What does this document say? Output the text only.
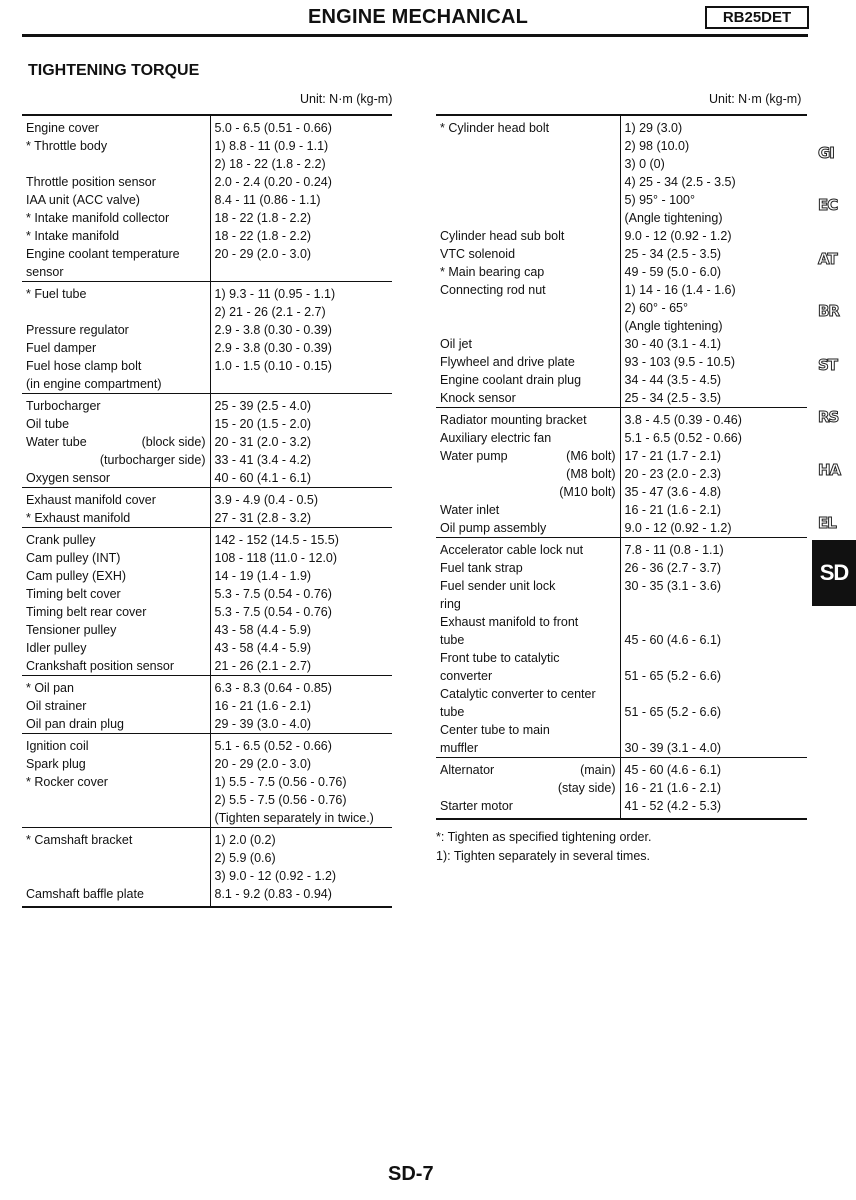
ENGINE MECHANICAL	RB25DET
TIGHTENING TORQUE
Unit: N·m (kg-m)	Unit: N·m (kg-m)
Engine cover	5.0 - 6.5 (0.51 - 0.66)
* Throttle body	1) 8.8 - 11 (0.9 - 1.1)
	2) 18 - 22 (1.8 - 2.2)
Throttle position sensor	2.0 - 2.4 (0.20 - 0.24)
IAA unit (ACC valve)	8.4 - 11 (0.86 - 1.1)
* Intake manifold collector	18 - 22 (1.8 - 2.2)
* Intake manifold	18 - 22 (1.8 - 2.2)
Engine coolant temperature	20 - 29 (2.0 - 3.0)
sensor	
* Fuel tube	1) 9.3 - 11 (0.95 - 1.1)
	2) 21 - 26 (2.1 - 2.7)
Pressure regulator	2.9 - 3.8 (0.30 - 0.39)
Fuel damper	2.9 - 3.8 (0.30 - 0.39)
Fuel hose clamp bolt	1.0 - 1.5 (0.10 - 0.15)
(in engine compartment)	
Turbocharger	25 - 39 (2.5 - 4.0)
Oil tube	15 - 20 (1.5 - 2.0)

Water tube (block side)	20 - 31 (2.0 - 3.2)

(turbocharger side)	33 - 41 (3.4 - 4.2)
Oxygen sensor	40 - 60 (4.1 - 6.1)
Exhaust manifold cover	3.9 - 4.9 (0.4 - 0.5)
* Exhaust manifold	27 - 31 (2.8 - 3.2)
Crank pulley	142 - 152 (14.5 - 15.5)
Cam pulley (INT)	108 - 118 (11.0 - 12.0)
Cam pulley (EXH)	14 - 19 (1.4 - 1.9)
Timing belt cover	5.3 - 7.5 (0.54 - 0.76)
Timing belt rear cover	5.3 - 7.5 (0.54 - 0.76)
Tensioner pulley	43 - 58 (4.4 - 5.9)
Idler pulley	43 - 58 (4.4 - 5.9)
Crankshaft position sensor	21 - 26 (2.1 - 2.7)
* Oil pan	6.3 - 8.3 (0.64 - 0.85)
Oil strainer	16 - 21 (1.6 - 2.1)
Oil pan drain plug	29 - 39 (3.0 - 4.0)
Ignition coil	5.1 - 6.5 (0.52 - 0.66)
Spark plug	20 - 29 (2.0 - 3.0)
* Rocker cover	1) 5.5 - 7.5 (0.56 - 0.76)
	2) 5.5 - 7.5 (0.56 - 0.76)
	(Tighten separately in twice.)
* Camshaft bracket	1) 2.0 (0.2)
	2) 5.9 (0.6)
	3) 9.0 - 12 (0.92 - 1.2)
Camshaft baffle plate	8.1 - 9.2 (0.83 - 0.94)
* Cylinder head bolt	1) 29 (3.0)
	2) 98 (10.0)
	3) 0 (0)
	4) 25 - 34 (2.5 - 3.5)
	5) 95° - 100°
	(Angle tightening)
Cylinder head sub bolt	9.0 - 12 (0.92 - 1.2)
VTC solenoid	25 - 34 (2.5 - 3.5)
* Main bearing cap	49 - 59 (5.0 - 6.0)
Connecting rod nut	1) 14 - 16 (1.4 - 1.6)
	2) 60° - 65°
	(Angle tightening)
Oil jet	30 - 40 (3.1 - 4.1)
Flywheel and drive plate	93 - 103 (9.5 - 10.5)
Engine coolant drain plug	34 - 44 (3.5 - 4.5)
Knock sensor	25 - 34 (2.5 - 3.5)
Radiator mounting bracket	3.8 - 4.5 (0.39 - 0.46)
Auxiliary electric fan	5.1 - 6.5 (0.52 - 0.66)

Water pump (M6 bolt)	17 - 21 (1.7 - 2.1)

(M8 bolt)	20 - 23 (2.0 - 2.3)

(M10 bolt)	35 - 47 (3.6 - 4.8)
Water inlet	16 - 21 (1.6 - 2.1)
Oil pump assembly	9.0 - 12 (0.92 - 1.2)
Accelerator cable lock nut	7.8 - 11 (0.8 - 1.1)
Fuel tank strap	26 - 36 (2.7 - 3.7)
Fuel sender unit lock	30 - 35 (3.1 - 3.6)
ring	
Exhaust manifold to front	
tube	45 - 60 (4.6 - 6.1)
Front tube to catalytic	
converter	51 - 65 (5.2 - 6.6)
Catalytic converter to center	
tube	51 - 65 (5.2 - 6.6)
Center tube to main	
muffler	30 - 39 (3.1 - 4.0)

Alternator (main)	45 - 60 (4.6 - 6.1)

(stay side)	16 - 21 (1.6 - 2.1)
Starter motor	41 - 52 (4.2 - 5.3)
*: Tighten as specified tightening order.
1): Tighten separately in several times.
GI
EC
AT
BR
ST
RS
HA
EL
SD
SD-7
